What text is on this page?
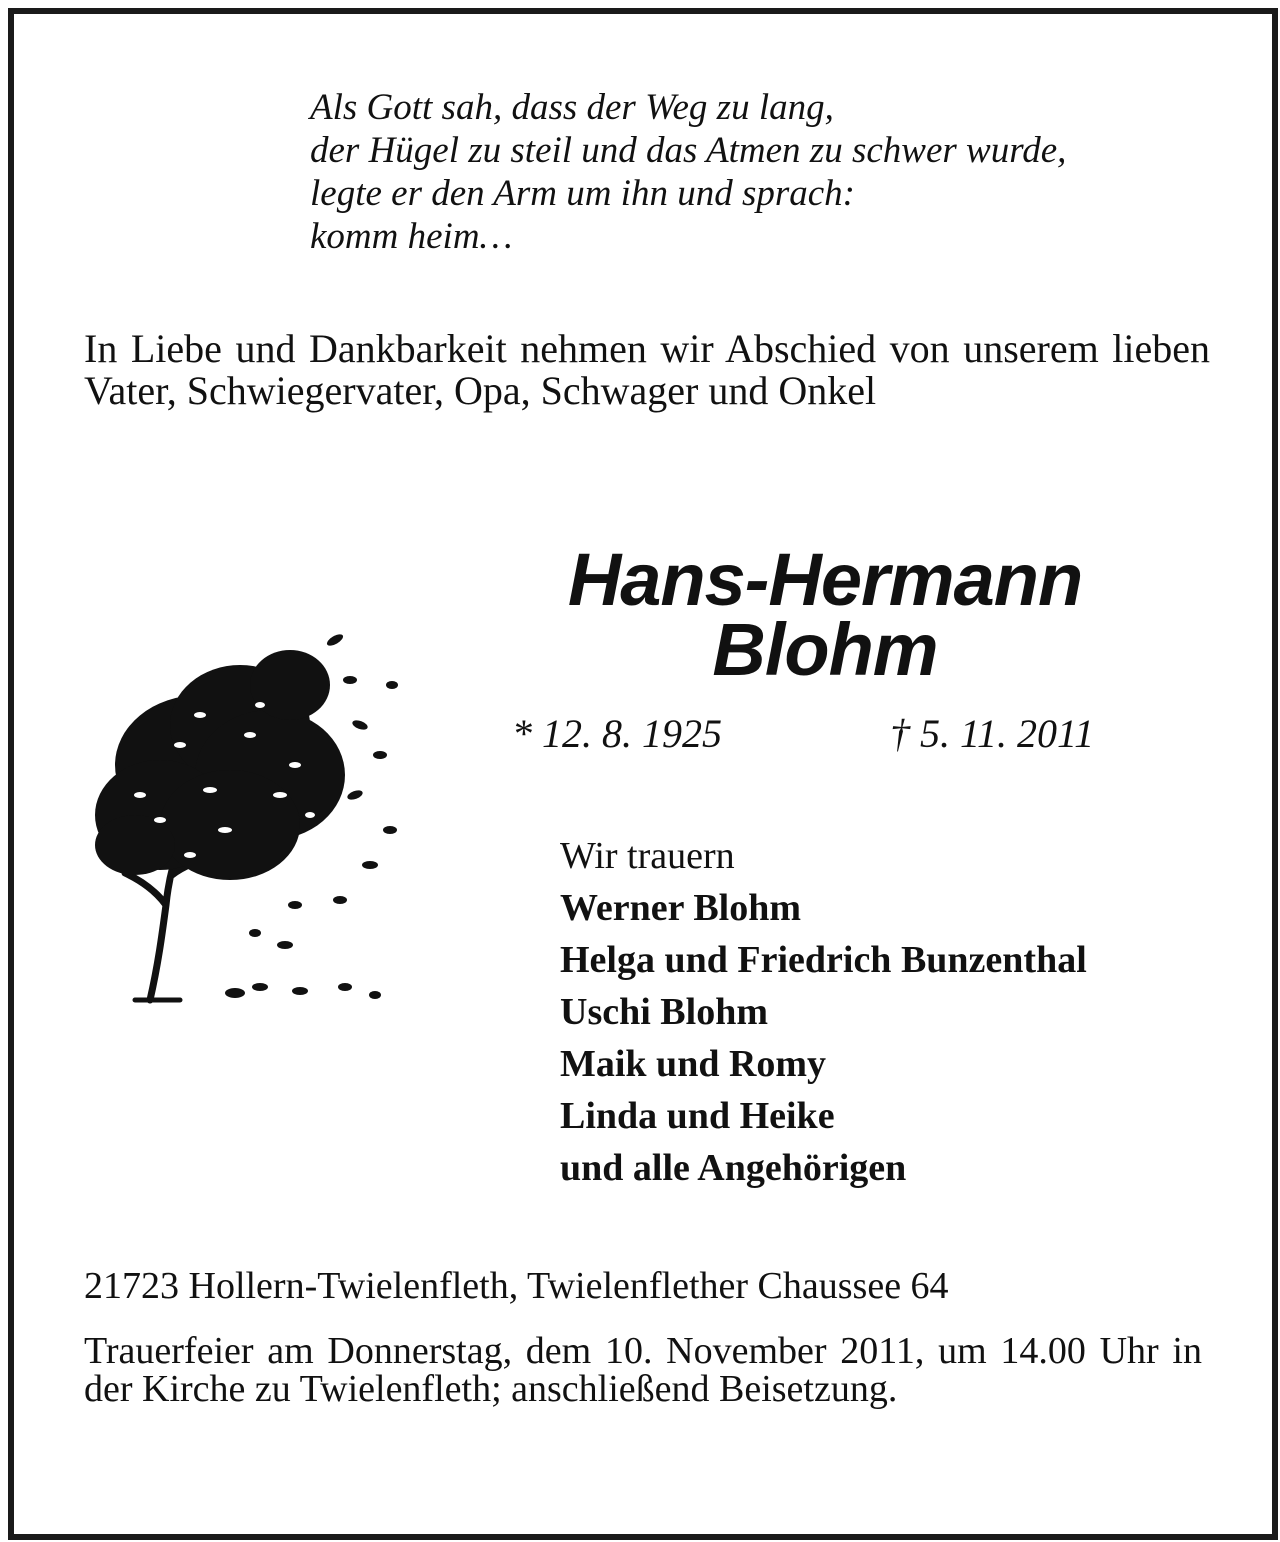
Als Gott sah, dass der Weg zu lang,
der Hügel zu steil und das Atmen zu schwer wurde,
legte er den Arm um ihn und sprach:
komm heim…
In Liebe und Dankbarkeit nehmen wir Abschied von unserem lieben Vater, Schwiegervater, Opa, Schwager und Onkel
Hans-Hermann
Blohm
* 12. 8. 1925	† 5. 11. 2011
Wir trauern
Werner Blohm
Helga und Friedrich Bunzenthal
Uschi Blohm
Maik und Romy
Linda und Heike
und alle Angehörigen
21723 Hollern-Twielenfleth, Twielenflether Chaussee 64
Trauerfeier am Donnerstag, dem 10. November 2011, um 14.00 Uhr in der Kirche zu Twielenfleth; anschließend Beisetzung.
